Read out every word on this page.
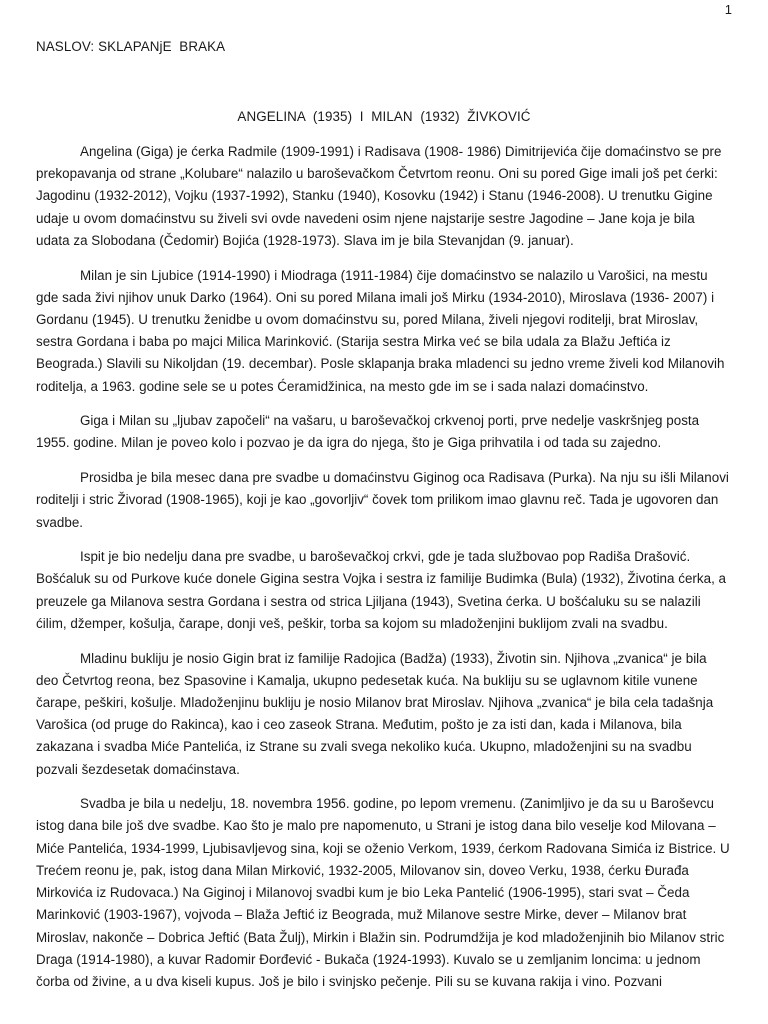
1
NASLOV: SKLAPANjE  BRAKA
ANGELINA  (1935)  I  MILAN  (1932)  ŽIVKOVIĆ

Angelina (Giga) je ćerka Radmile (1909-1991) i Radisava (1908- 1986) Dimitrijevića čije domaćinstvo se pre prekopavanja od strane „Kolubare“ nalazilo u baroševačkom Četvrtom reonu. Oni su pored Gige imali još pet ćerki: Jagodinu (1932-2012), Vojku (1937-1992), Stanku (1940), Kosovku (1942) i Stanu (1946-2008). U trenutku Gigine udaje u ovom domaćinstvu su živeli svi ovde navedeni osim njene najstarije sestre Jagodine – Jane koja je bila udata za Slobodana (Čedomir) Bojića (1928-1973). Slava im je bila Stevanjdan (9. januar).

Milan je sin Ljubice (1914-1990) i Miodraga (1911-1984) čije domaćinstvo se nalazilo u Varošici, na mestu gde sada živi njihov unuk Darko (1964). Oni su pored Milana imali još Mirku (1934-2010), Miroslava (1936- 2007) i Gordanu (1945). U trenutku ženidbe u ovom domaćinstvu su, pored Milana, živeli njegovi roditelji, brat Miroslav, sestra Gordana i baba po majci Milica Marinković. (Starija sestra Mirka već se bila udala za Blažu Jeftića iz Beograda.) Slavili su Nikoljdan (19. decembar). Posle sklapanja braka mladenci su jedno vreme živeli kod Milanovih roditelja, a 1963. godine sele se u potes Ćeramidžinica, na mesto gde im se i sada nalazi domaćinstvo.

Giga i Milan su „ljubav započeli“ na vašaru, u baroševačkoj crkvenoj porti, prve nedelje vaskršnjeg posta 1955. godine. Milan je poveo kolo i pozvao je da igra do njega, što je Giga prihvatila i od tada su zajedno.

Prosidba je bila mesec dana pre svadbe u domaćinstvu Giginog oca Radisava (Purka). Na nju su išli Milanovi roditelji i stric Živorad (1908-1965), koji je kao „govorljiv“ čovek tom prilikom imao glavnu reč. Tada je ugovoren dan svadbe.

Ispit je bio nedelju dana pre svadbe, u baroševačkoj crkvi, gde je tada službovao pop Radiša Drašović. Bošćaluk su od Purkove kuće donele Gigina sestra Vojka i sestra iz familije Budimka (Bula) (1932), Životina ćerka, a preuzele ga Milanova sestra Gordana i sestra od strica Ljiljana (1943), Svetina ćerka. U bošćaluku su se nalazili ćilim, džemper, košulja, čarape, donji veš, peškir, torba sa kojom su mladoženjini buklijom zvali na svadbu.

Mladinu bukliju je nosio Gigin brat iz familije Radojica (Badža) (1933), Životin sin. Njihova „zvanica“ je bila deo Četvrtog reona, bez Spasovine i Kamalja, ukupno pedesetak kuća. Na bukliju su se uglavnom kitile vunene čarape, peškiri, košulje. Mladoženjinu bukliju je nosio Milanov brat Miroslav. Njihova „zvanica“ je bila cela tadašnja Varošica (od pruge do Rakinca), kao i ceo zaseok Strana. Međutim, pošto je za isti dan, kada i Milanova, bila zakazana i svadba Miće Pantelića, iz Strane su zvali svega nekoliko kuća. Ukupno, mladoženjini su na svadbu pozvali šezdesetak domaćinstava.

Svadba je bila u nedelju, 18. novembra 1956. godine, po lepom vremenu. (Zanimljivo je da su u Baroševcu istog dana bile još dve svadbe. Kao što je malo pre napomenuto, u Strani je istog dana bilo veselje kod Milovana – Miće Pantelića, 1934-1999, Ljubisavljevog sina, koji se oženio Verkom, 1939, ćerkom Radovana Simića iz Bistrice. U Trećem reonu je, pak, istog dana Milan Mirković, 1932-2005, Milovanov sin, doveo Verku, 1938, ćerku Đurađa Mirkovića iz Rudovaca.) Na Giginoj i Milanovoj svadbi kum je bio Leka Pantelić (1906-1995), stari svat – Čeda Marinković (1903-1967), vojvoda – Blaža Jeftić iz Beograda, muž Milanove sestre Mirke, dever – Milanov brat Miroslav, nakonče – Dobrica Jeftić (Bata Žulj), Mirkin i Blažin sin. Podrumdžija je kod mladoženjinih bio Milanov stric Draga (1914-1980), a kuvar Radomir Đorđević - Bukača (1924-1993). Kuvalo se u zemljanim loncima: u jednom čorba od živine, a u dva kiseli kupus. Još je bilo i svinjsko pečenje. Pili su se kuvana rakija i vino. Pozvani
